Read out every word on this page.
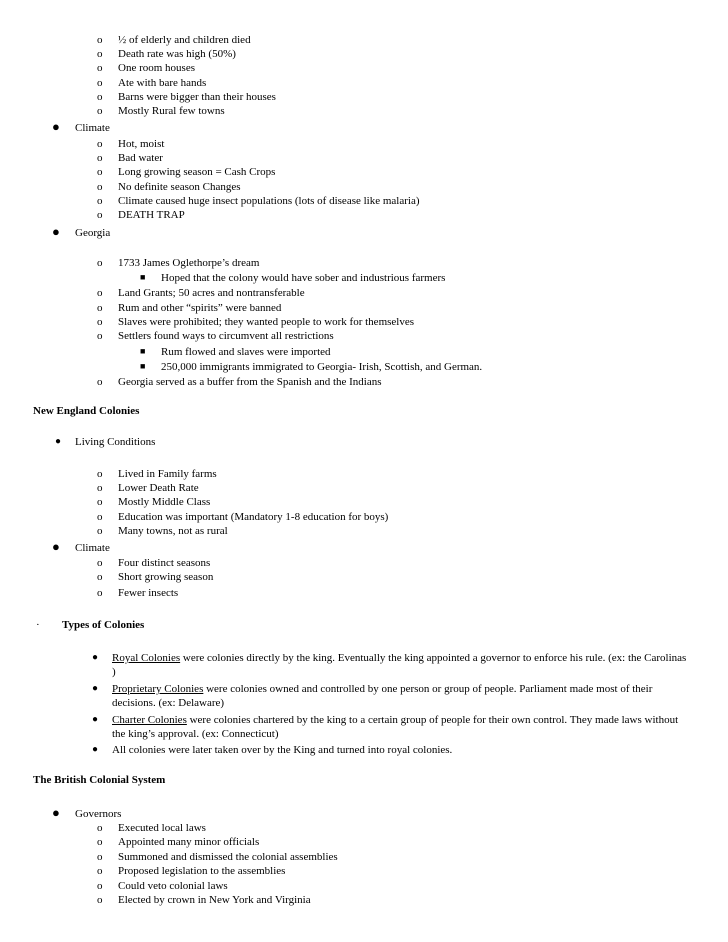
o ½ of elderly and children died
o Death rate was high (50%)
o One room houses
o Ate with bare hands
o Barns were bigger than their houses
o Mostly Rural few towns
● Climate
o Hot, moist
o Bad water
o Long growing season = Cash Crops
o No definite season Changes
o Climate caused huge insect populations (lots of disease like malaria)
o DEATH TRAP
● Georgia
o 1733 James Oglethorpe’s dream
■ Hoped that the colony would have sober and industrious farmers
o Land Grants; 50 acres and nontransferable
o Rum and other “spirits” were banned
o Slaves were prohibited; they wanted people to work for themselves
o Settlers found ways to circumvent all restrictions
■ Rum flowed and slaves were imported
■ 250,000 immigrants immigrated to Georgia- Irish, Scottish, and German.
o Georgia served as a buffer from the Spanish and the Indians
New England Colonies
● Living Conditions
o Lived in Family farms
o Lower Death Rate
o Mostly Middle Class
o Education was important (Mandatory 1-8 education for boys)
o Many towns, not as rural
● Climate
o Four distinct seasons
o Short growing season
o Fewer insects
· Types of Colonies
● Royal Colonies were colonies directly by the king. Eventually the king appointed a governor to enforce his rule. (ex: the Carolinas )
● Proprietary Colonies were colonies owned and controlled by one person or group of people. Parliament made most of their decisions. (ex: Delaware)
● Charter Colonies were colonies chartered by the king to a certain group of people for their own control. They made laws without the king’s approval. (ex: Connecticut)
● All colonies were later taken over by the King and turned into royal colonies.
The British Colonial System
● Governors
o Executed local laws
o Appointed many minor officials
o Summoned and dismissed the colonial assemblies
o Proposed legislation to the assemblies
o Could veto colonial laws
o Elected by crown in New York and Virginia
